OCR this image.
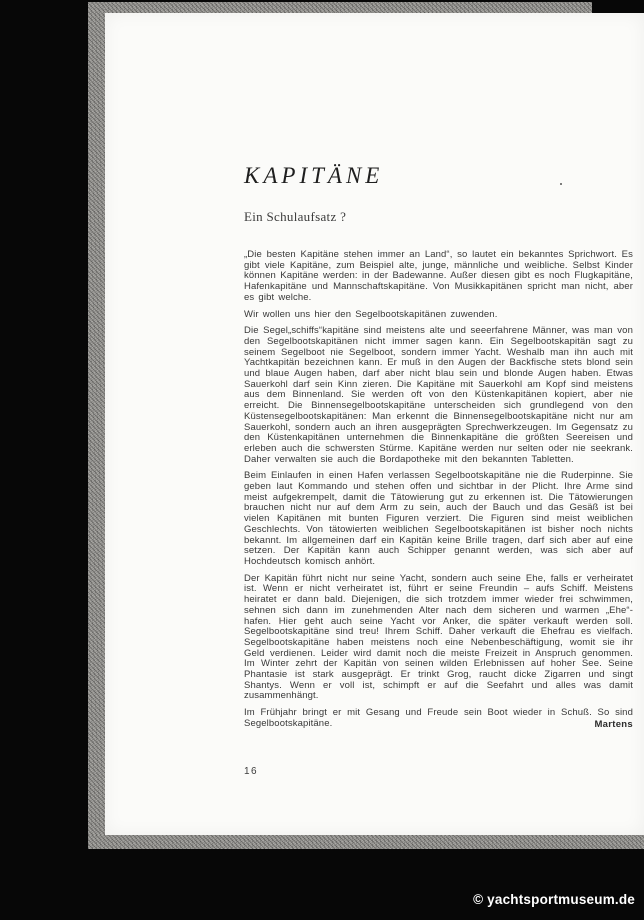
KAPITÄNE
Ein Schulaufsatz ?

„Die besten Kapitäne stehen immer an Land“, so lautet ein bekanntes Sprichwort. Es gibt viele Kapitäne, zum Beispiel alte, junge, männliche und weibliche. Selbst Kinder können Kapitäne werden: in der Badewanne. Außer diesen gibt es noch Flugkapitäne, Hafenkapitäne und Mannschaftskapitäne. Von Musikkapitänen spricht man nicht, aber es gibt welche.

Wir wollen uns hier den Segelbootskapitänen zuwenden.

Die Segel„schiffs“kapitäne sind meistens alte und seeerfahrene Männer, was man von den Segelbootskapitänen nicht immer sagen kann. Ein Segelbootskapitän sagt zu seinem Segelboot nie Segelboot, sondern immer Yacht. Weshalb man ihn auch mit Yachtkapitän bezeichnen kann. Er muß in den Augen der Backfische stets blond sein und blaue Augen haben, darf aber nicht blau sein und blonde Augen haben. Etwas Sauerkohl darf sein Kinn zieren. Die Kapitäne mit Sauerkohl am Kopf sind meistens aus dem Binnenland. Sie werden oft von den Küstenkapitänen kopiert, aber nie erreicht. Die Binnensegelbootskapitäne unterscheiden sich grundlegend von den Küstensegelbootskapitänen: Man erkennt die Binnensegelbootskapitäne nicht nur am Sauerkohl, sondern auch an ihren ausgeprägten Sprechwerkzeugen. Im Gegensatz zu den Küstenkapitänen unternehmen die Binnenkapitäne die größten Seereisen und erleben auch die schwersten Stürme. Kapitäne werden nur selten oder nie seekrank. Daher verwalten sie auch die Bordapotheke mit den bekannten Tabletten.

Beim Einlaufen in einen Hafen verlassen Segelbootskapitäne nie die Ruderpinne. Sie geben laut Kommando und stehen offen und sichtbar in der Plicht. Ihre Arme sind meist aufgekrempelt, damit die Tätowierung gut zu erkennen ist. Die Tätowierungen brauchen nicht nur auf dem Arm zu sein, auch der Bauch und das Gesäß ist bei vielen Kapitänen mit bunten Figuren verziert. Die Figuren sind meist weiblichen Geschlechts. Von tätowierten weiblichen Segelbootskapitänen ist bisher noch nichts bekannt. Im allgemeinen darf ein Kapitän keine Brille tragen, darf sich aber auf eine setzen. Der Kapitän kann auch Schipper genannt werden, was sich aber auf Hochdeutsch komisch anhört.

Der Kapitän führt nicht nur seine Yacht, sondern auch seine Ehe, falls er verheiratet ist. Wenn er nicht verheiratet ist, führt er seine Freundin – aufs Schiff. Meistens heiratet er dann bald. Diejenigen, die sich trotzdem immer wieder frei schwimmen, sehnen sich dann im zunehmenden Alter nach dem sicheren und warmen „Ehe“-hafen. Hier geht auch seine Yacht vor Anker, die später verkauft werden soll. Segelbootskapitäne sind treu! Ihrem Schiff. Daher verkauft die Ehefrau es vielfach. Segelbootskapitäne haben meistens noch eine Nebenbeschäftigung, womit sie ihr Geld verdienen. Leider wird damit noch die meiste Freizeit in Anspruch genommen. Im Winter zehrt der Kapitän von seinen wilden Erlebnissen auf hoher See. Seine Phantasie ist stark ausgeprägt. Er trinkt Grog, raucht dicke Zigarren und singt Shantys. Wenn er voll ist, schimpft er auf die Seefahrt und alles was damit zusammenhängt.

Im Frühjahr bringt er mit Gesang und Freude sein Boot wieder in Schuß. So sind Segelbootskapitäne.	Martens
16
© yachtsportmuseum.de
